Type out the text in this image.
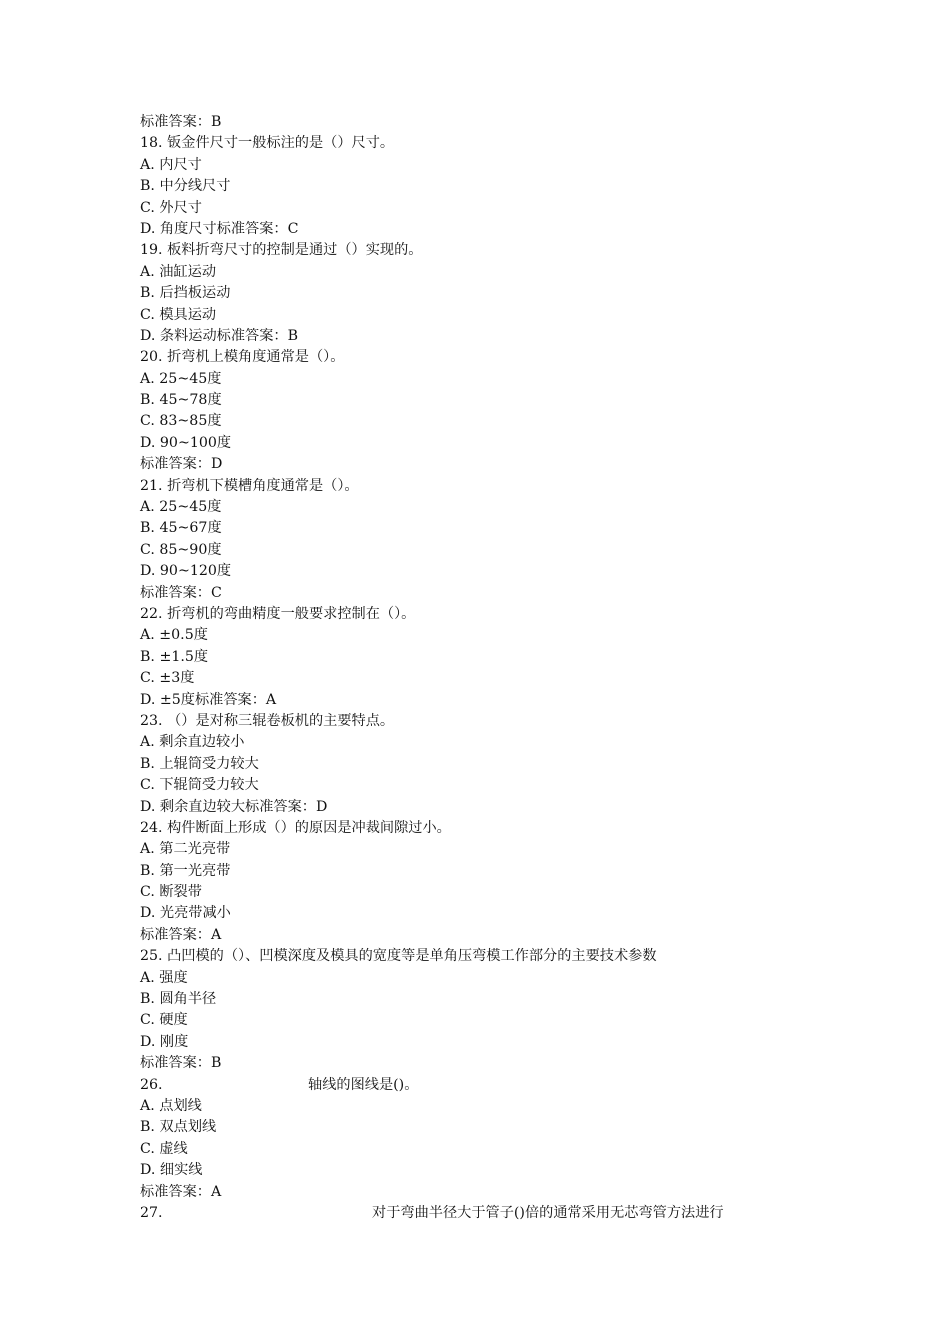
标准答案：B
18. 钣金件尺寸一般标注的是（）尺寸。
A. 内尺寸
B. 中分线尺寸
C. 外尺寸
D. 角度尺寸标准答案：C
19. 板料折弯尺寸的控制是通过（）实现的。
A. 油缸运动
B. 后挡板运动
C. 模具运动
D. 条料运动标准答案：B
20. 折弯机上模角度通常是（）。
A. 25~45度
B. 45~78度
C. 83~85度
D. 90~100度
标准答案：D
21. 折弯机下模槽角度通常是（）。
A. 25~45度
B. 45~67度
C. 85~90度
D. 90~120度
标准答案：C
22. 折弯机的弯曲精度一般要求控制在（）。
A. ±0.5度
B. ±1.5度
C. ±3度
D. ±5度标准答案：A
23. （）是对称三辊卷板机的主要特点。
A. 剩余直边较小
B. 上辊筒受力较大
C. 下辊筒受力较大
D. 剩余直边较大标准答案：D
24. 构件断面上形成（）的原因是冲裁间隙过小。
A. 第二光亮带
B. 第一光亮带
C. 断裂带
D. 光亮带减小
标准答案：A
25. 凸凹模的（）、凹模深度及模具的宽度等是单角压弯模工作部分的主要技术参数
A. 强度
B. 圆角半径
C. 硬度
D. 刚度
标准答案：B
26.	轴线的图线是()。
A. 点划线
B. 双点划线
C. 虚线
D. 细实线
标准答案：A
27.	对于弯曲半径大于管子()倍的通常采用无芯弯管方法进行
